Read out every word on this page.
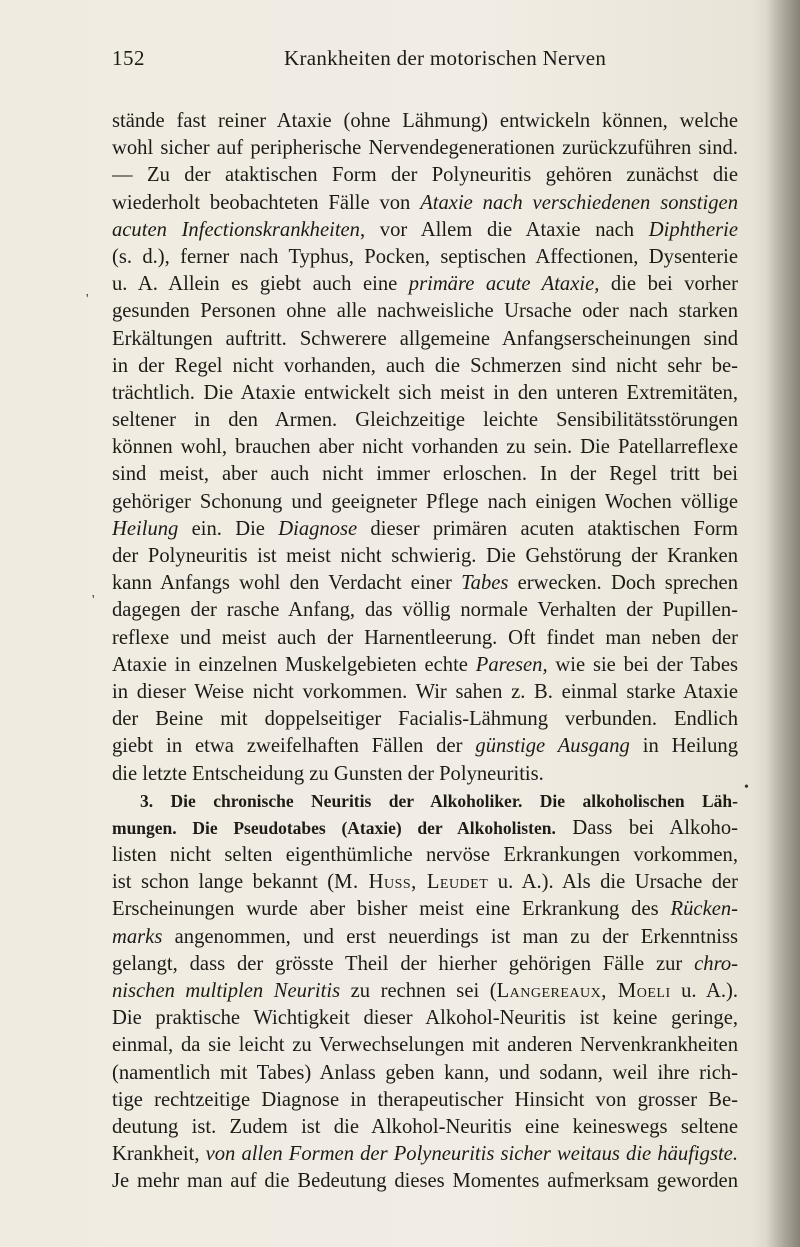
152	Krankheiten der motorischen Nerven
stände fast reiner Ataxie (ohne Lähmung) entwickeln können, welche
wohl sicher auf peripherische Nervendegenerationen zurückzuführen sind.
— Zu der ataktischen Form der Polyneuritis gehören zunächst die
wiederholt beobachteten Fälle von Ataxie nach verschiedenen sonstigen
acuten Infectionskrankheiten, vor Allem die Ataxie nach Diphtherie
(s. d.), ferner nach Typhus, Pocken, septischen Affectionen, Dysenterie
u. A. Allein es giebt auch eine primäre acute Ataxie, die bei vorher
gesunden Personen ohne alle nachweisliche Ursache oder nach starken
Erkältungen auftritt. Schwerere allgemeine Anfangserscheinungen sind
in der Regel nicht vorhanden, auch die Schmerzen sind nicht sehr be-
trächtlich. Die Ataxie entwickelt sich meist in den unteren Extremitäten,
seltener in den Armen. Gleichzeitige leichte Sensibilitätsstörungen
können wohl, brauchen aber nicht vorhanden zu sein. Die Patellarreflexe
sind meist, aber auch nicht immer erloschen. In der Regel tritt bei
gehöriger Schonung und geeigneter Pflege nach einigen Wochen völlige
Heilung ein. Die Diagnose dieser primären acuten ataktischen Form
der Polyneuritis ist meist nicht schwierig. Die Gehstörung der Kranken
kann Anfangs wohl den Verdacht einer Tabes erwecken. Doch sprechen
dagegen der rasche Anfang, das völlig normale Verhalten der Pupillen-
reflexe und meist auch der Harnentleerung. Oft findet man neben der
Ataxie in einzelnen Muskelgebieten echte Paresen, wie sie bei der Tabes
in dieser Weise nicht vorkommen. Wir sahen z. B. einmal starke Ataxie
der Beine mit doppelseitiger Facialis-Lähmung verbunden. Endlich
giebt in etwa zweifelhaften Fällen der günstige Ausgang in Heilung
die letzte Entscheidung zu Gunsten der Polyneuritis.
3. Die chronische Neuritis der Alkoholiker. Die alkoholischen Läh-
mungen. Die Pseudotabes (Ataxie) der Alkoholisten. Dass bei Alkoho-
listen nicht selten eigenthümliche nervöse Erkrankungen vorkommen,
ist schon lange bekannt (M. Huss, Leudet u. A.). Als die Ursache der
Erscheinungen wurde aber bisher meist eine Erkrankung des Rücken-
marks angenommen, und erst neuerdings ist man zu der Erkenntniss
gelangt, dass der grösste Theil der hierher gehörigen Fälle zur chro-
nischen multiplen Neuritis zu rechnen sei (Langereaux, Moeli u. A.).
Die praktische Wichtigkeit dieser Alkohol-Neuritis ist keine geringe,
einmal, da sie leicht zu Verwechselungen mit anderen Nervenkrankheiten
(namentlich mit Tabes) Anlass geben kann, und sodann, weil ihre rich-
tige rechtzeitige Diagnose in therapeutischer Hinsicht von grosser Be-
deutung ist. Zudem ist die Alkohol-Neuritis eine keineswegs seltene
Krankheit, von allen Formen der Polyneuritis sicher weitaus die häufigste.
Je mehr man auf die Bedeutung dieses Momentes aufmerksam geworden
'
'
•
